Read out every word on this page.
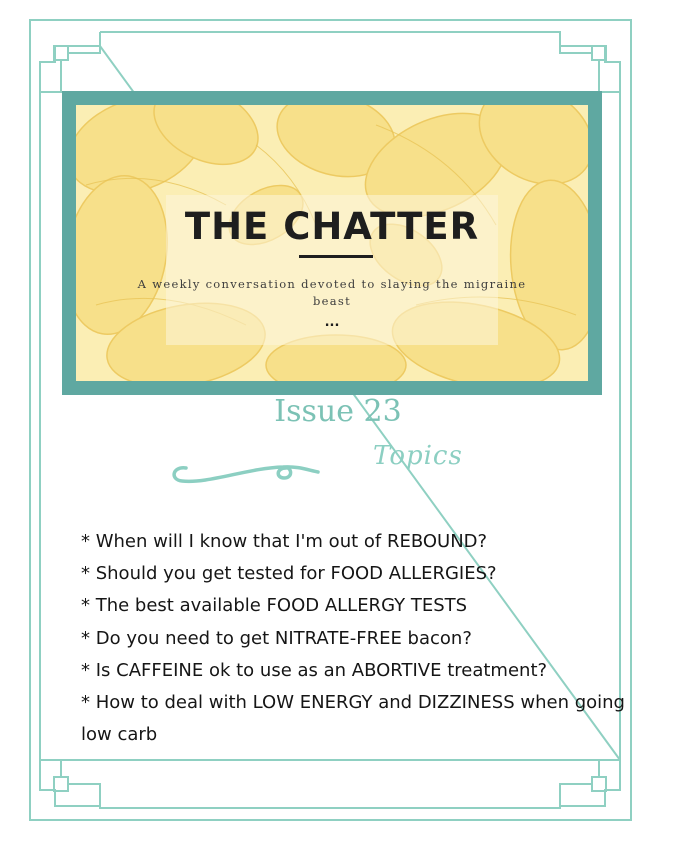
THE CHATTER
A weekly conversation devoted to slaying the migraine beast
...
Issue 23
Topics
* When will I know that I'm out of REBOUND?
* Should you get tested for FOOD ALLERGIES?
* The best available FOOD ALLERGY TESTS
* Do you need to get NITRATE-FREE bacon?
* Is CAFFEINE ok to use as an ABORTIVE treatment?
* How to deal with LOW ENERGY and DIZZINESS when going low carb
